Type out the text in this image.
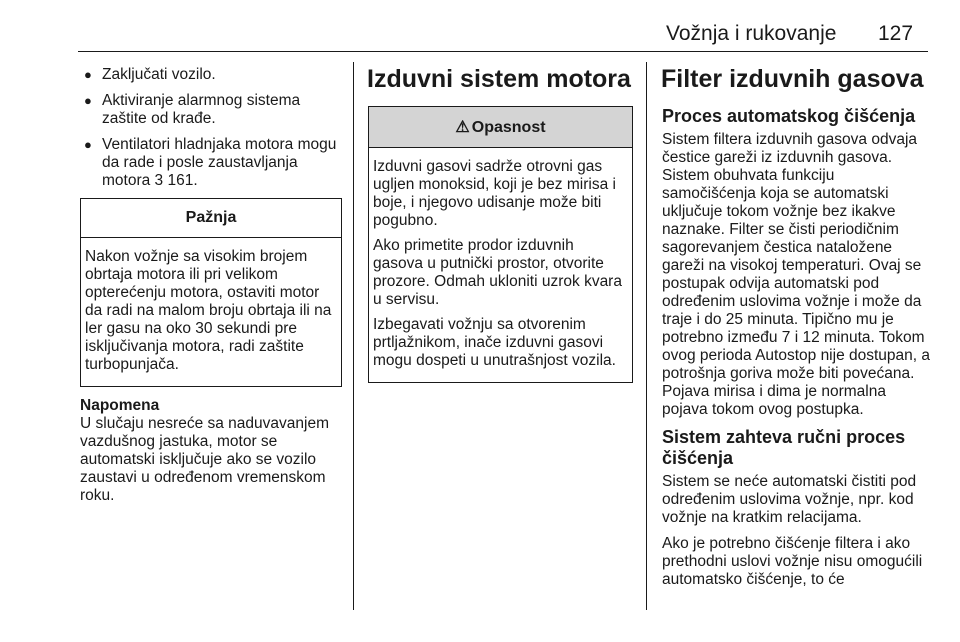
Vožnja i rukovanje 127
● Zaključati vozilo.
● Aktiviranje alarmnog sistema zaštite od krađe.
● Ventilatori hladnjaka motora mogu da rade i posle zaustavljanja motora 3 161.
Pažnja

Nakon vožnje sa visokim brojem obrtaja motora ili pri velikom opterećenju motora, ostaviti motor da radi na malom broju obrtaja ili na ler gasu na oko 30 sekundi pre isključivanja motora, radi zaštite turbopunjača.

Napomena
U slučaju nesreće sa naduvavanjem vazdušnog jastuka, motor se automatski isključuje ako se vozilo zaustavi u određenom vremenskom roku.
Izduvni sistem motora
⚠ Opasnost

Izduvni gasovi sadrže otrovni gas ugljen monoksid, koji je bez mirisa i boje, i njegovo udisanje može biti pogubno.

Ako primetite prodor izduvnih gasova u putnički prostor, otvorite prozore. Odmah ukloniti uzrok kvara u servisu.

Izbegavati vožnju sa otvorenim prtljažnikom, inače izduvni gasovi mogu dospeti u unutrašnjost vozila.

Filter izduvnih gasova
Proces automatskog čišćenja

Sistem filtera izduvnih gasova odvaja čestice gareži iz izduvnih gasova. Sistem obuhvata funkciju samočišćenja koja se automatski uključuje tokom vožnje bez ikakve naznake. Filter se čisti periodičnim sagorevanjem čestica nataložene gareži na visokoj temperaturi. Ovaj se postupak odvija automatski pod određenim uslovima vožnje i može da traje i do 25 minuta. Tipično mu je potrebno između 7 i 12 minuta. Tokom ovog perioda Autostop nije dostupan, a potrošnja goriva može biti povećana. Pojava mirisa i dima je normalna pojava tokom ovog postupka.

Sistem zahteva ručni proces čišćenja

Sistem se neće automatski čistiti pod određenim uslovima vožnje, npr. kod vožnje na kratkim relacijama.

Ako je potrebno čišćenje filtera i ako prethodni uslovi vožnje nisu omogućili automatsko čišćenje, to će
